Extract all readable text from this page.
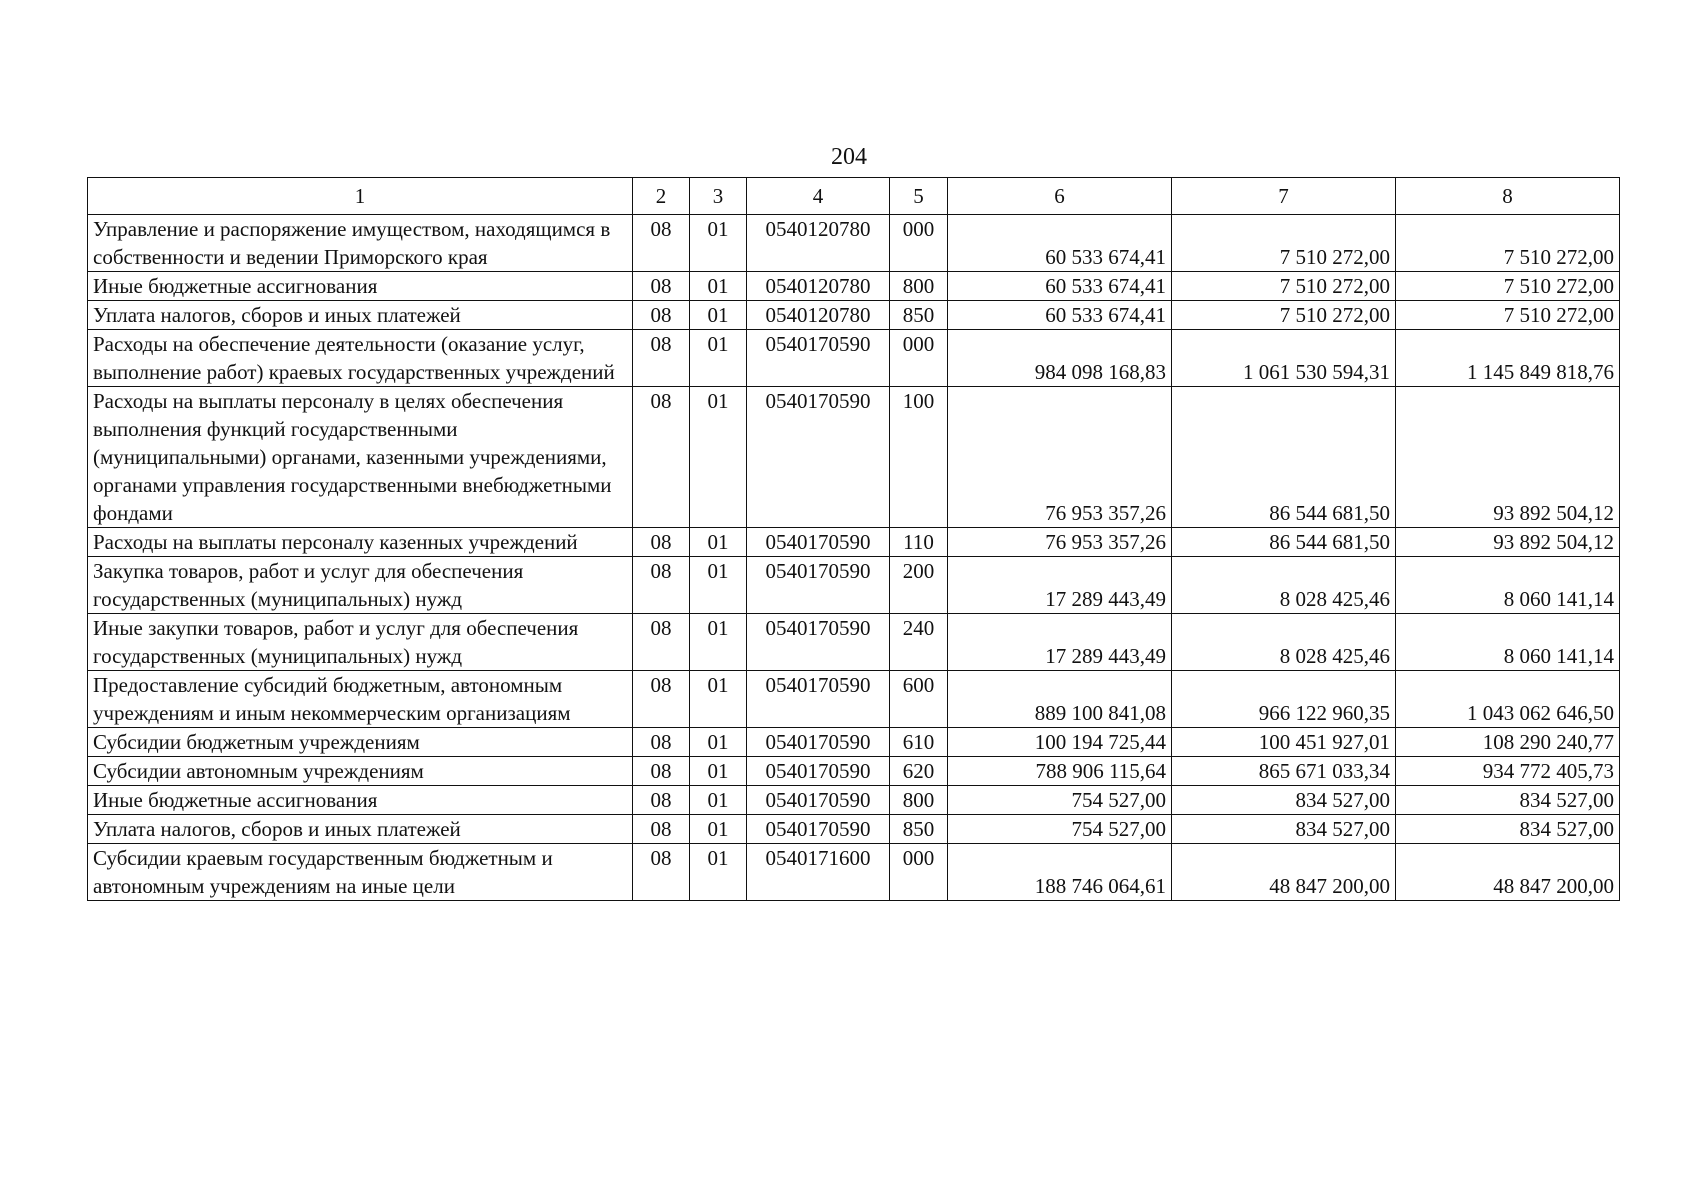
204
1	2	3	4	5	6	7	8
Управление и распоряжение имуществом, находящимся в собственности и ведении Приморского края	08	01	0540120780	000	60 533 674,41	7 510 272,00	7 510 272,00
Иные бюджетные ассигнования	08	01	0540120780	800	60 533 674,41	7 510 272,00	7 510 272,00
Уплата налогов, сборов и иных платежей	08	01	0540120780	850	60 533 674,41	7 510 272,00	7 510 272,00
Расходы на обеспечение деятельности (оказание услуг, выполнение работ) краевых государственных учреждений	08	01	0540170590	000	984 098 168,83	1 061 530 594,31	1 145 849 818,76
Расходы на выплаты персоналу в целях обеспечения выполнения функций государственными (муниципальными) органами, казенными учреждениями, органами управления государственными внебюджетными фондами	08	01	0540170590	100	76 953 357,26	86 544 681,50	93 892 504,12
Расходы на выплаты персоналу казенных учреждений	08	01	0540170590	110	76 953 357,26	86 544 681,50	93 892 504,12
Закупка товаров, работ и услуг для обеспечения государственных (муниципальных) нужд	08	01	0540170590	200	17 289 443,49	8 028 425,46	8 060 141,14
Иные закупки товаров, работ и услуг для обеспечения государственных (муниципальных) нужд	08	01	0540170590	240	17 289 443,49	8 028 425,46	8 060 141,14
Предоставление субсидий бюджетным, автономным учреждениям и иным некоммерческим организациям	08	01	0540170590	600	889 100 841,08	966 122 960,35	1 043 062 646,50
Субсидии бюджетным учреждениям	08	01	0540170590	610	100 194 725,44	100 451 927,01	108 290 240,77
Субсидии автономным учреждениям	08	01	0540170590	620	788 906 115,64	865 671 033,34	934 772 405,73
Иные бюджетные ассигнования	08	01	0540170590	800	754 527,00	834 527,00	834 527,00
Уплата налогов, сборов и иных платежей	08	01	0540170590	850	754 527,00	834 527,00	834 527,00
Субсидии краевым государственным бюджетным и автономным учреждениям на иные цели	08	01	0540171600	000	188 746 064,61	48 847 200,00	48 847 200,00
